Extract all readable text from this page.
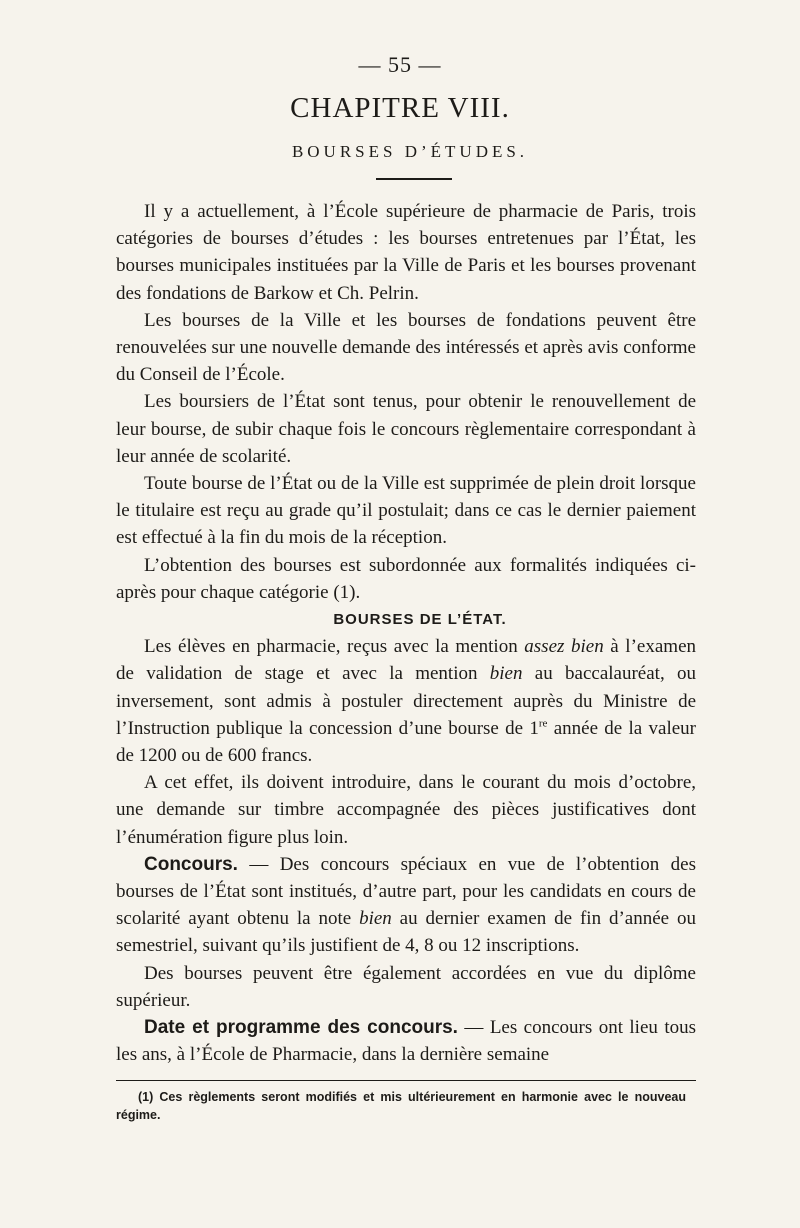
— 55 —
CHAPITRE VIII.
BOURSES D’ÉTUDES.

Il y a actuellement, à l’École supérieure de pharmacie de Paris, trois catégories de bourses d’études : les bourses entretenues par l’État, les bourses municipales instituées par la Ville de Paris et les bourses provenant des fondations de Barkow et Ch. Pelrin.

Les bourses de la Ville et les bourses de fondations peuvent être renouvelées sur une nouvelle demande des intéressés et après avis conforme du Conseil de l’École.

Les boursiers de l’État sont tenus, pour obtenir le renouvellement de leur bourse, de subir chaque fois le concours règlementaire correspondant à leur année de scolarité.

Toute bourse de l’État ou de la Ville est supprimée de plein droit lorsque le titulaire est reçu au grade qu’il postulait; dans ce cas le dernier paiement est effectué à la fin du mois de la réception.

L’obtention des bourses est subordonnée aux formalités indiquées ci-après pour chaque catégorie (1).

BOURSES DE L’ÉTAT.

Les élèves en pharmacie, reçus avec la mention assez bien à l’examen de validation de stage et avec la mention bien au baccalauréat, ou inversement, sont admis à postuler directement auprès du Ministre de l’Instruction publique la concession d’une bourse de 1re année de la valeur de 1200 ou de 600 francs.

A cet effet, ils doivent introduire, dans le courant du mois d’octobre, une demande sur timbre accompagnée des pièces justificatives dont l’énumération figure plus loin.

Concours. — Des concours spéciaux en vue de l’obtention des bourses de l’État sont institués, d’autre part, pour les candidats en cours de scolarité ayant obtenu la note bien au dernier examen de fin d’année ou semestriel, suivant qu’ils justifient de 4, 8 ou 12 inscriptions.

Des bourses peuvent être également accordées en vue du diplôme supérieur.

Date et programme des concours. — Les concours ont lieu tous les ans, à l’École de Pharmacie, dans la dernière semaine

(1) Ces règlements seront modifiés et mis ultérieurement en harmonie avec le nouveau régime.
